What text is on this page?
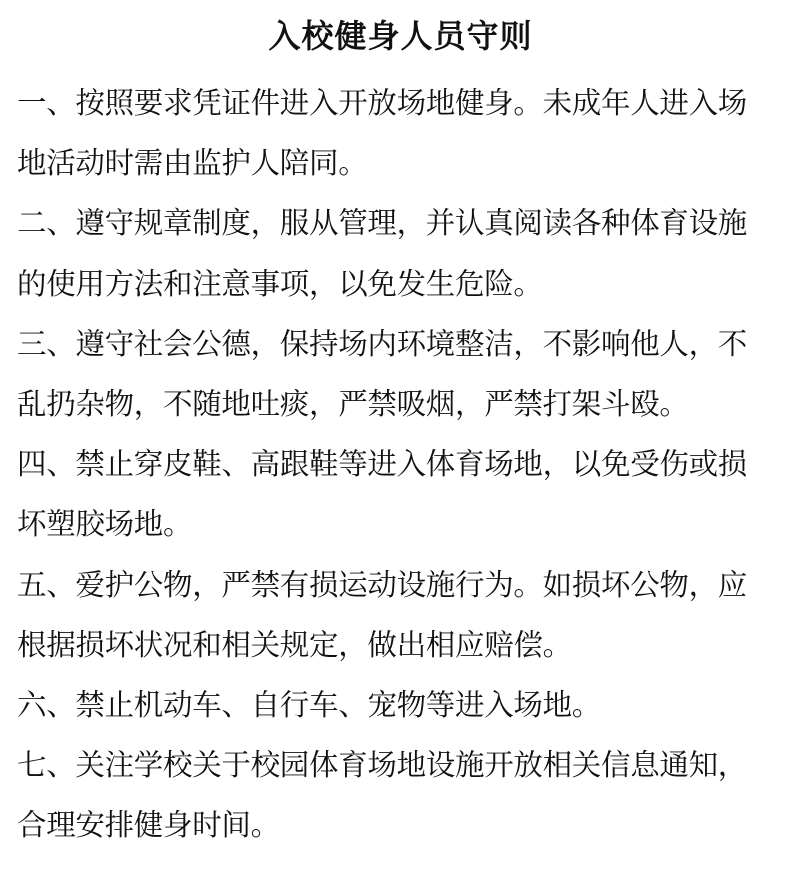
入校健身人员守则
一、按照要求凭证件进入开放场地健身。未成年人进入场
地活动时需由监护人陪同。
二、遵守规章制度，服从管理，并认真阅读各种体育设施
的使用方法和注意事项，以免发生危险。
三、遵守社会公德，保持场内环境整洁，不影响他人，不
乱扔杂物，不随地吐痰，严禁吸烟，严禁打架斗殴。
四、禁止穿皮鞋、高跟鞋等进入体育场地，以免受伤或损
坏塑胶场地。
五、爱护公物，严禁有损运动设施行为。如损坏公物，应
根据损坏状况和相关规定，做出相应赔偿。
六、禁止机动车、自行车、宠物等进入场地。
七、关注学校关于校园体育场地设施开放相关信息通知，
合理安排健身时间。
